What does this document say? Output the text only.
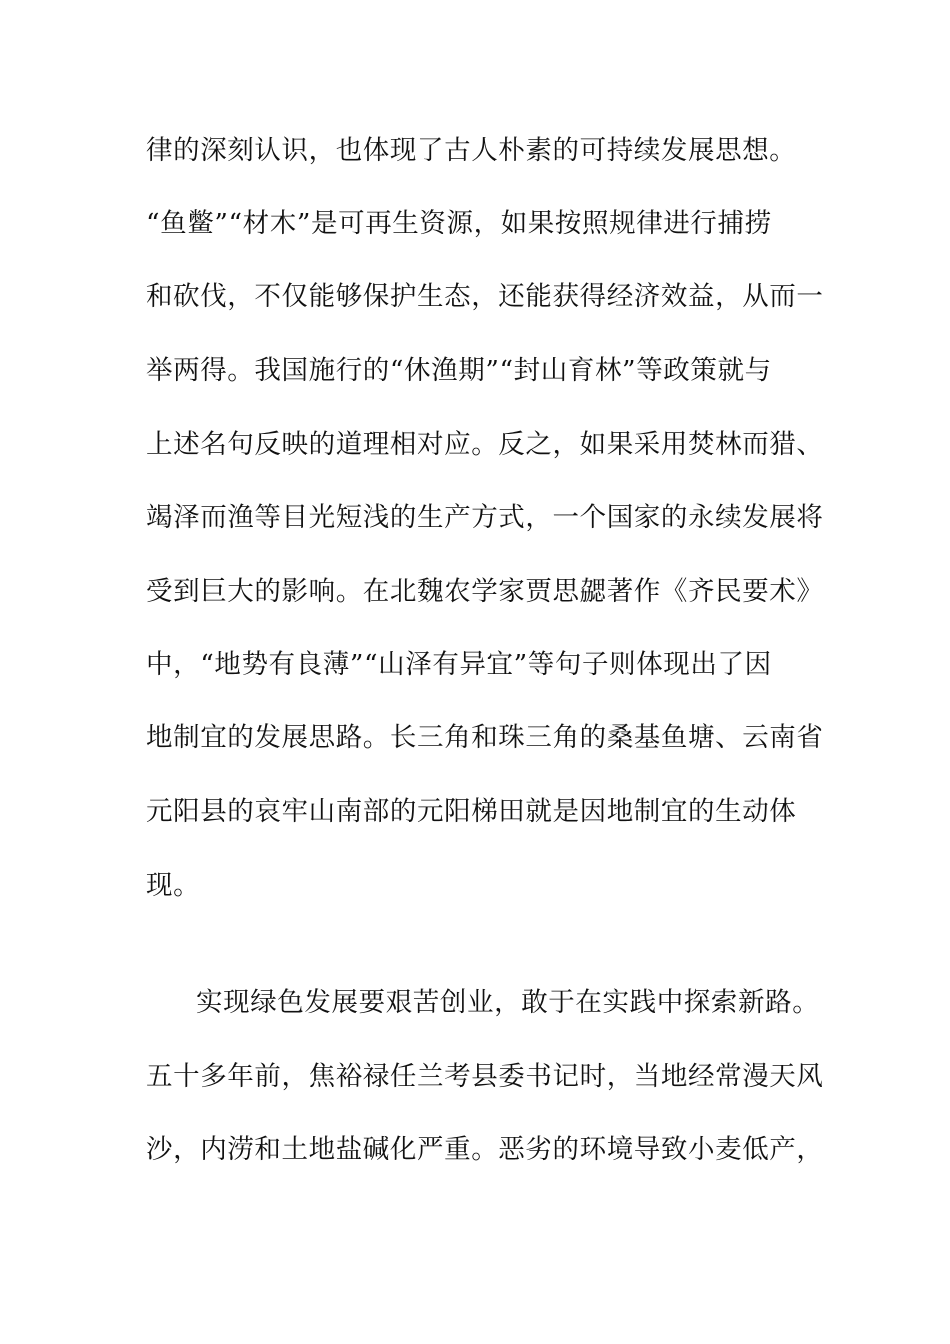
律的深刻认识，也体现了古人朴素的可持续发展思想。
“鱼鳖”“材木”是可再生资源，如果按照规律进行捕捞
和砍伐，不仅能够保护生态，还能获得经济效益，从而一
举两得。我国施行的“休渔期”“封山育林”等政策就与
上述名句反映的道理相对应。反之，如果采用焚林而猎、
竭泽而渔等目光短浅的生产方式，一个国家的永续发展将
受到巨大的影响。在北魏农学家贾思勰著作《齐民要术》
中，“地势有良薄”“山泽有异宜”等句子则体现出了因
地制宜的发展思路。长三角和珠三角的桑基鱼塘、云南省
元阳县的哀牢山南部的元阳梯田就是因地制宜的生动体
现。
实现绿色发展要艰苦创业，敢于在实践中探索新路。
五十多年前，焦裕禄任兰考县委书记时，当地经常漫天风
沙，内涝和土地盐碱化严重。恶劣的环境导致小麦低产，
